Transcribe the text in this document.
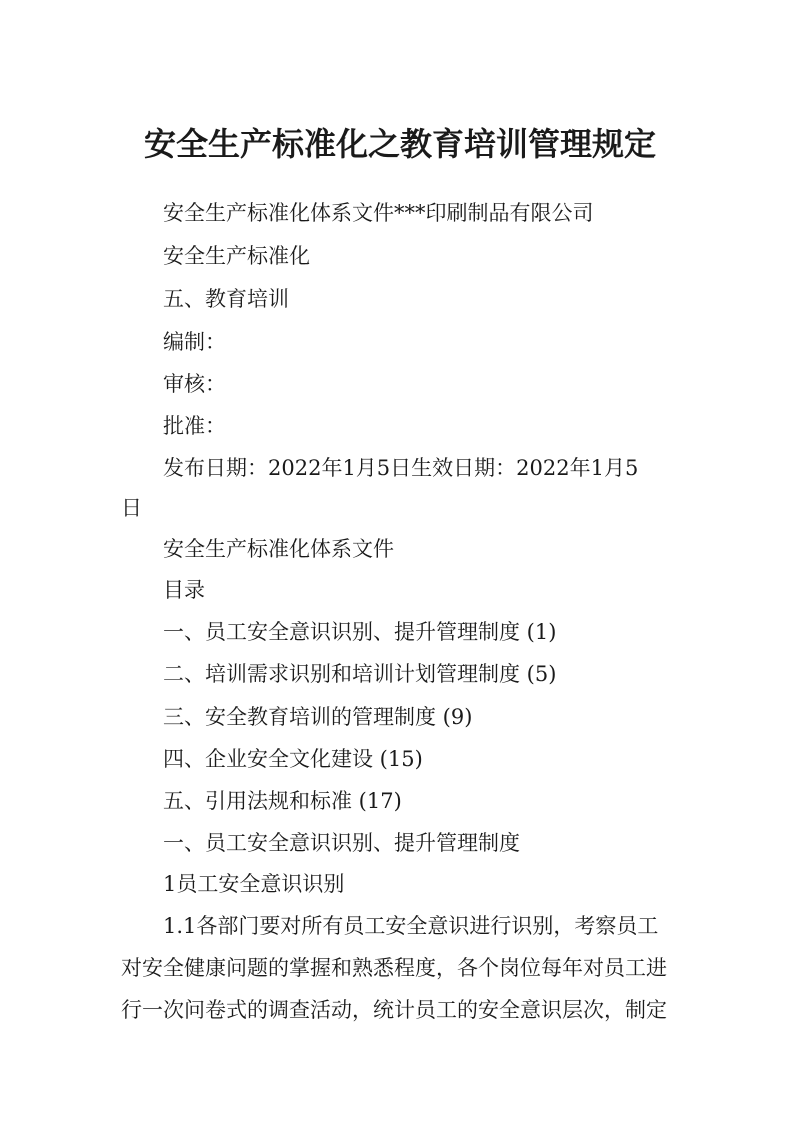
安全生产标准化之教育培训管理规定
安全生产标准化体系文件***印刷制品有限公司
安全生产标准化
五、教育培训
编制：
审核：
批准：
发布日期：2022年1月5日生效日期：2022年1月5
日
安全生产标准化体系文件
目录
一、员工安全意识识别、提升管理制度 (1)
二、培训需求识别和培训计划管理制度 (5)
三、安全教育培训的管理制度 (9)
四、企业安全文化建设 (15)
五、引用法规和标准 (17)
一、员工安全意识识别、提升管理制度
1员工安全意识识别
1.1各部门要对所有员工安全意识进行识别，考察员工
对安全健康问题的掌握和熟悉程度，各个岗位每年对员工进
行一次问卷式的调查活动，统计员工的安全意识层次，制定
